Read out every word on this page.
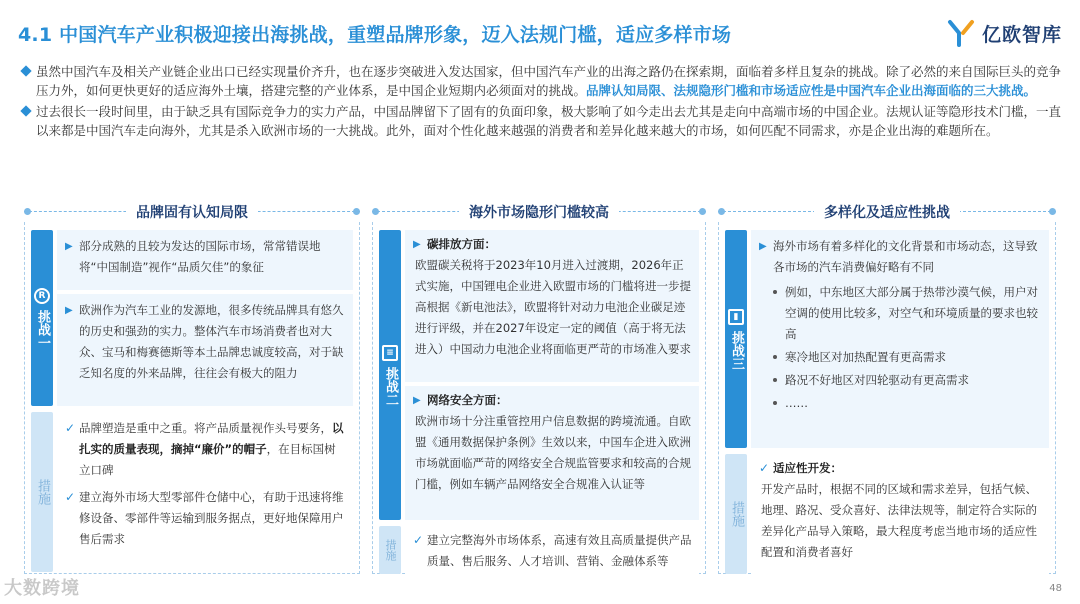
4.1 中国汽车产业积极迎接出海挑战，重塑品牌形象，迈入法规门槛，适应多样市场	亿欧智库
虽然中国汽车及相关产业链企业出口已经实现量价齐升，也在逐步突破进入发达国家，但中国汽车产业的出海之路仍在探索期，面临着多样且复杂的挑战。除了必然的来自国际巨头的竞争压力外，如何更快更好的适应海外土壤，搭建完整的产业体系，是中国企业短期内必须面对的挑战。品牌认知局限、法规隐形门槛和市场适应性是中国汽车企业出海面临的三大挑战。
过去很长一段时间里，由于缺乏具有国际竞争力的实力产品，中国品牌留下了固有的负面印象，极大影响了如今走出去尤其是走向中高端市场的中国企业。法规认证等隐形技术门槛，一直以来都是中国汽车走向海外，尤其是杀入欧洲市场的一大挑战。此外，面对个性化越来越强的消费者和差异化越来越大的市场，如何匹配不同需求，亦是企业出海的难题所在。
品牌固有认知局限
R
挑战一
▶ 部分成熟的且较为发达的国际市场，常常错误地将“中国制造”视作“品质欠佳”的象征
▶ 欧洲作为汽车工业的发源地，很多传统品牌具有悠久的历史和强劲的实力。整体汽车市场消费者也对大众、宝马和梅赛德斯等本土品牌忠诚度较高，对于缺乏知名度的外来品牌，往往会有极大的阻力
措施
✓ 品牌塑造是重中之重。将产品质量视作头号要务，以扎实的质量表现，摘掉“廉价”的帽子，在目标国树立口碑
✓ 建立海外市场大型零部件仓储中心，有助于迅速将维修设备、零部件等运输到服务据点，更好地保障用户售后需求
海外市场隐形门槛较高
≡
挑战二
▶ 碳排放方面：
欧盟碳关税将于2023年10月进入过渡期，2026年正式实施，中国锂电企业进入欧盟市场的门槛将进一步提高根据《新电池法》，欧盟将针对动力电池企业碳足迹进行评级，并在2027年设定一定的阈值（高于将无法进入）中国动力电池企业将面临更严苛的市场准入要求
▶ 网络安全方面：
欧洲市场十分注重管控用户信息数据的跨境流通。自欧盟《通用数据保护条例》生效以来，中国车企进入欧洲市场就面临严苛的网络安全合规监管要求和较高的合规门槛，例如车辆产品网络安全合规准入认证等
措施 ✓ 建立完整海外市场体系，高速有效且高质量提供产品质量、售后服务、人才培训、营销、金融体系等
多样化及适应性挑战
▮
挑战三
▶ 海外市场有着多样化的文化背景和市场动态，这导致各市场的汽车消费偏好略有不同
例如，中东地区大部分属于热带沙漠气候，用户对空调的使用比较多，对空气和环境质量的要求也较高
寒冷地区对加热配置有更高需求
路况不好地区对四轮驱动有更高需求
……
措施
✓ 适应性开发：
开发产品时，根据不同的区域和需求差异，包括气候、地理、路况、受众喜好、法律法规等，制定符合实际的差异化产品导入策略，最大程度考虑当地市场的适应性配置和消费者喜好
大数跨境	48
